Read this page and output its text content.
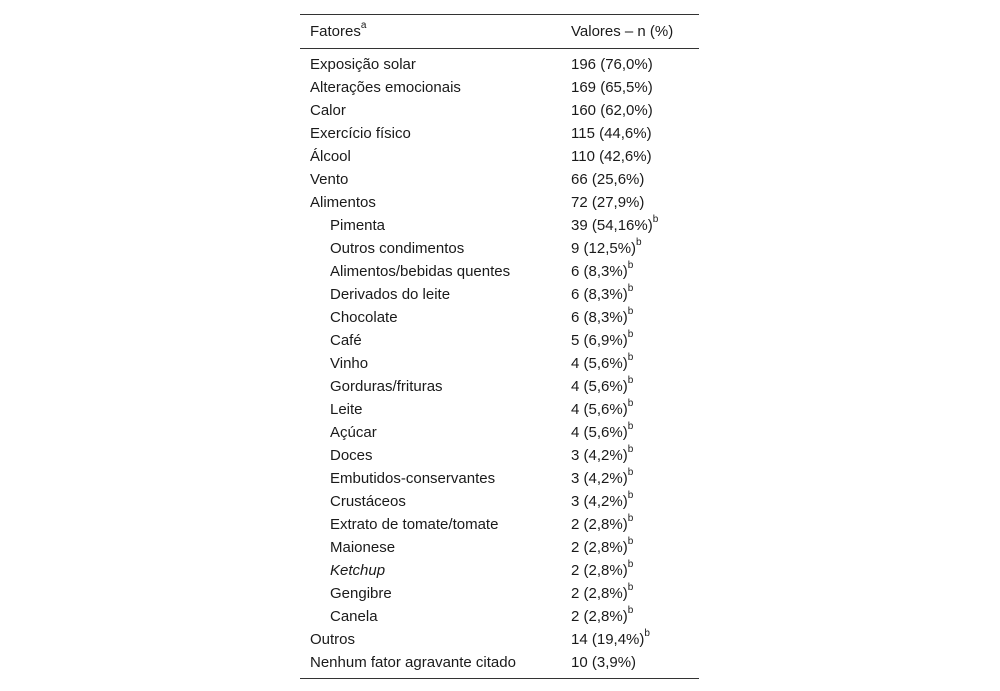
Fatores$^a$	Valores – n (%)
Exposição solar	196 (76,0%)
Alterações emocionais	169 (65,5%)
Calor	160 (62,0%)
Exercício físico	115 (44,6%)
Álcool	110 (42,6%)
Vento	66 (25,6%)
Alimentos	72 (27,9%)
Pimenta	39 $(54,16\%)^b$
Outros condimentos	9 $(12,5\%)^b$
Alimentos/bebidas quentes	6 $(8,3\%)^b$
Derivados do leite	6 $(8,3\%)^b$
Chocolate	6 $(8,3\%)^b$
Café	5 $(6,9\%)^b$
Vinho	4 $(5,6\%)^b$
Gorduras/frituras	4 $(5,6\%)^b$
Leite	4 $(5,6\%)^b$
Açúcar	4 $(5,6\%)^b$
Doces	3 $(4,2\%)^b$
Embutidos-conservantes	3 $(4,2\%)^b$
Crustáceos	3 $(4,2\%)^b$
Extrato de tomate/tomate	2 $(2,8\%)^b$
Maionese	2 $(2,8\%)^b$
Ketchup	2 $(2,8\%)^b$
Gengibre	2 $(2,8\%)^b$
Canela	2 $(2,8\%)^b$
Outros	14 $(19,4\%)^b$
Nenhum fator agravante citado	10 (3,9%)
